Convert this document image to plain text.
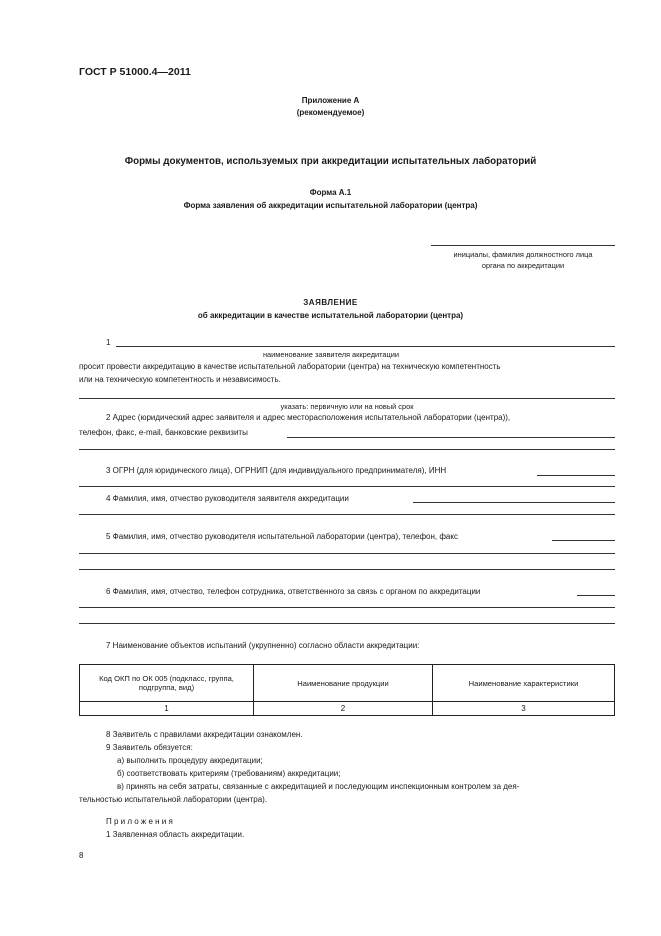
ГОСТ Р 51000.4—2011
Приложение А
(рекомендуемое)
Формы документов, используемых при аккредитации испытательных лабораторий
Форма А.1
Форма заявления об аккредитации испытательной лаборатории (центра)
инициалы, фамилия должностного лица
органа по аккредитации
ЗАЯВЛЕНИЕ
об аккредитации в качестве испытательной лаборатории (центра)
1
наименование заявителя аккредитации
просит провести аккредитацию в качестве испытательной лаборатории (центра) на техническую компетентность
или на техническую компетентность и независимость.
указать: первичную или на новый срок
2 Адрес (юридический адрес заявителя и адрес месторасположения испытательной лаборатории (центра)),
телефон, факс, e-mail, банковские реквизиты
3 ОГРН (для юридического лица), ОГРНИП (для индивидуального предпринимателя), ИНН
4 Фамилия, имя, отчество руководителя заявителя аккредитации
5 Фамилия, имя, отчество руководителя испытательной лаборатории (центра), телефон, факс
6 Фамилия, имя, отчество, телефон сотрудника, ответственного за связь с органом по аккредитации
7 Наименование объектов испытаний (укрупненно) согласно области аккредитации:
Код ОКП по ОК 005 (подкласс, группа,
подгруппа, вид)	Наименование продукции	Наименование характеристики
1	2	3
8 Заявитель с правилами аккредитации ознакомлен.
9 Заявитель обязуется:
а) выполнить процедуру аккредитации;
б) соответствовать критериям (требованиям) аккредитации;
в) принять на себя затраты, связанные с аккредитацией и последующим инспекционным контролем за дея-
тельностью испытательной лаборатории (центра).
П р и л о ж е н и я
1 Заявленная область аккредитации.
8
